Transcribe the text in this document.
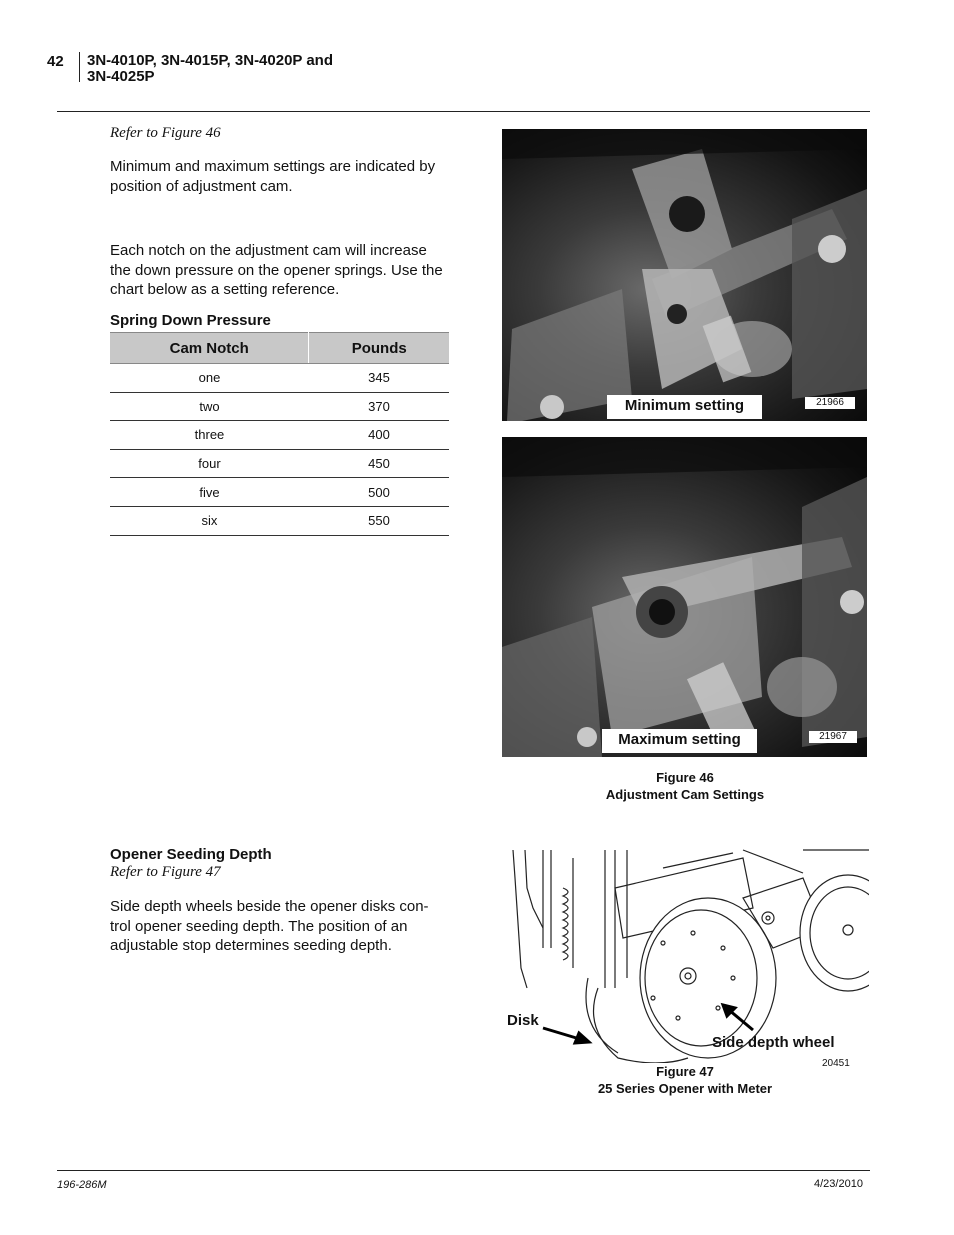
42 3N-4010P, 3N-4015P, 3N-4020P and
3N-4025P
Refer to Figure 46
Minimum and maximum settings are indicated by
position of adjustment cam.
Each notch on the adjustment cam will increase
the down pressure on the opener springs. Use the
chart below as a setting reference.
Spring Down Pressure
Cam Notch	Pounds
one	345
two	370
three	400
four	450
five	500
six	550
Minimum setting	21966
Maximum setting	21967
Figure 46
Adjustment Cam Settings
Opener Seeding Depth
Refer to Figure 47
Side depth wheels beside the opener disks con-
trol opener seeding depth. The position of an
adjustable stop determines seeding depth.
Disk
Side depth wheel
20451
Figure 47
25 Series Opener with Meter
196-286M	4/23/2010
